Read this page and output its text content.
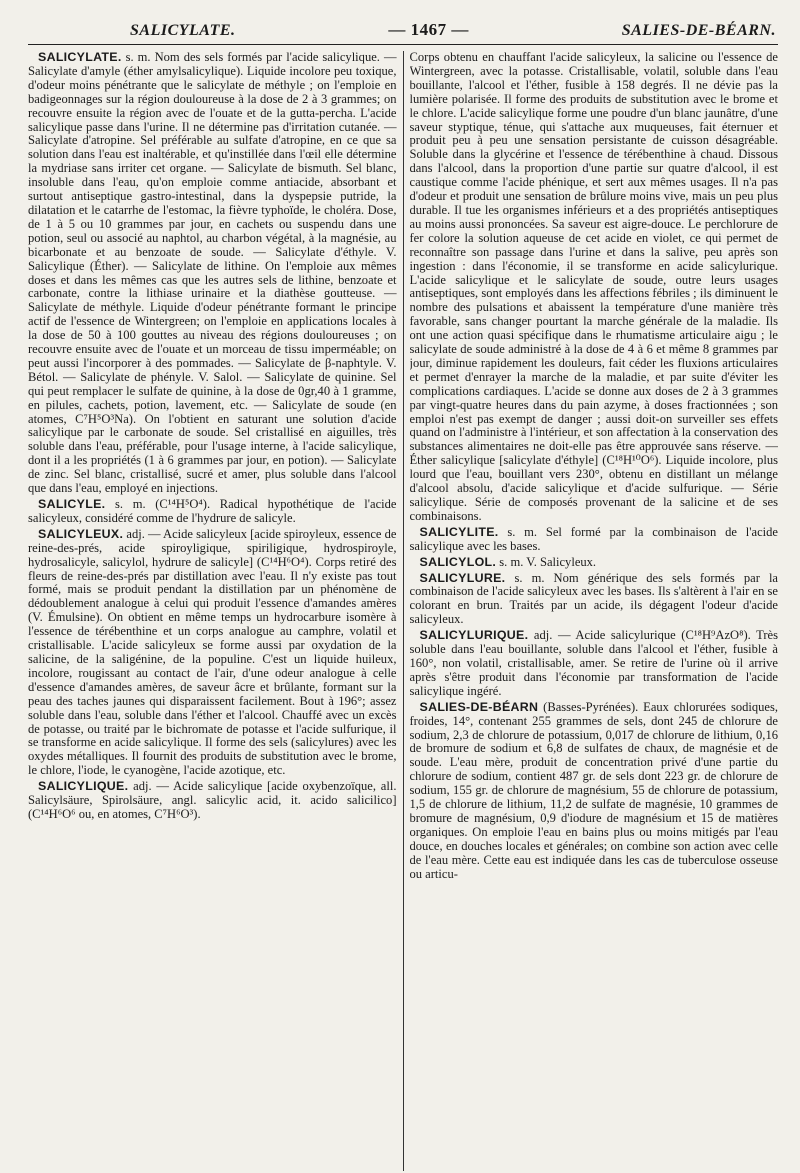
SALICYLATE.	— 1467 —	SALIES-DE-BÉARN.

SALICYLATE. s. m. Nom des sels formés par l'acide salicylique. — Salicylate d'amyle (éther amylsalicylique). Liquide incolore peu toxique, d'odeur moins pénétrante que le salicylate de méthyle ; on l'emploie en badigeonnages sur la région douloureuse à la dose de 2 à 3 grammes; on recouvre ensuite la région avec de l'ouate et de la gutta-percha. L'acide salicylique passe dans l'urine. Il ne détermine pas d'irritation cutanée. — Salicylate d'atropine. Sel préférable au sulfate d'atropine, en ce que sa solution dans l'eau est inaltérable, et qu'instillée dans l'œil elle détermine la mydriase sans irriter cet organe. — Salicylate de bismuth. Sel blanc, insoluble dans l'eau, qu'on emploie comme antiacide, absorbant et surtout antiseptique gastro-intestinal, dans la dyspepsie putride, la dilatation et le catarrhe de l'estomac, la fièvre typhoïde, le choléra. Dose, de 1 à 5 ou 10 grammes par jour, en cachets ou suspendu dans une potion, seul ou associé au naphtol, au charbon végétal, à la magnésie, au bicarbonate et au benzoate de soude. — Salicylate d'éthyle. V. Salicylique (Éther). — Salicylate de lithine. On l'emploie aux mêmes doses et dans les mêmes cas que les autres sels de lithine, benzoate et carbonate, contre la lithiase urinaire et la diathèse goutteuse. — Salicylate de méthyle. Liquide d'odeur pénétrante formant le principe actif de l'essence de Wintergreen; on l'emploie en applications locales à la dose de 50 à 100 gouttes au niveau des régions douloureuses ; on recouvre ensuite avec de l'ouate et un morceau de tissu imperméable; on peut aussi l'incorporer à des pommades. — Salicylate de β-naphtyle. V. Bétol. — Salicylate de phényle. V. Salol. — Salicylate de quinine. Sel qui peut remplacer le sulfate de quinine, à la dose de 0gr,40 à 1 gramme, en pilules, cachets, potion, lavement, etc. — Salicylate de soude (en atomes, C⁷H⁵O³Na). On l'obtient en saturant une solution d'acide salicylique par le carbonate de soude. Sel cristallisé en aiguilles, très soluble dans l'eau, préférable, pour l'usage interne, à l'acide salicylique, dont il a les propriétés (1 à 6 grammes par jour, en potion). — Salicylate de zinc. Sel blanc, cristallisé, sucré et amer, plus soluble dans l'alcool que dans l'eau, employé en injections.

SALICYLE. s. m. (C¹⁴H⁵O⁴). Radical hypothétique de l'acide salicyleux, considéré comme de l'hydrure de salicyle.

SALICYLEUX. adj. — Acide salicyleux [acide spiroyleux, essence de reine-des-prés, acide spiroyligique, spiriligique, hydrospiroyle, hydrosalicyle, salicylol, hydrure de salicyle] (C¹⁴H⁶O⁴). Corps retiré des fleurs de reine-des-prés par distillation avec l'eau. Il n'y existe pas tout formé, mais se produit pendant la distillation par un phénomène de dédoublement analogue à celui qui produit l'essence d'amandes amères (V. Émulsine). On obtient en même temps un hydrocarbure isomère à l'essence de térébenthine et un corps analogue au camphre, volatil et cristallisable. L'acide salicyleux se forme aussi par oxydation de la salicine, de la saligénine, de la populine. C'est un liquide huileux, incolore, rougissant au contact de l'air, d'une odeur analogue à celle d'essence d'amandes amères, de saveur âcre et brûlante, formant sur la peau des taches jaunes qui disparaissent facilement. Bout à 196°; assez soluble dans l'eau, soluble dans l'éther et l'alcool. Chauffé avec un excès de potasse, ou traité par le bichromate de potasse et l'acide sulfurique, il se transforme en acide salicylique. Il forme des sels (salicylures) avec les oxydes métalliques. Il fournit des produits de substitution avec le brome, le chlore, l'iode, le cyanogène, l'acide azotique, etc.

SALICYLIQUE. adj. — Acide salicylique [acide oxybenzoïque, all. Salicylsäure, Spirolsäure, angl. salicylic acid, it. acido salicilico] (C¹⁴H⁶O⁶ ou, en atomes, C⁷H⁶O³).

Corps obtenu en chauffant l'acide salicyleux, la salicine ou l'essence de Wintergreen, avec la potasse. Cristallisable, volatil, soluble dans l'eau bouillante, l'alcool et l'éther, fusible à 158 degrés. Il ne dévie pas la lumière polarisée. Il forme des produits de substitution avec le brome et le chlore. L'acide salicylique forme une poudre d'un blanc jaunâtre, d'une saveur styptique, ténue, qui s'attache aux muqueuses, fait éternuer et produit peu à peu une sensation persistante de cuisson désagréable. Soluble dans la glycérine et l'essence de térébenthine à chaud. Dissous dans l'alcool, dans la proportion d'une partie sur quatre d'alcool, il est caustique comme l'acide phénique, et sert aux mêmes usages. Il n'a pas d'odeur et produit une sensation de brûlure moins vive, mais un peu plus durable. Il tue les organismes inférieurs et a des propriétés antiseptiques au moins aussi prononcées. Sa saveur est aigre-douce. Le perchlorure de fer colore la solution aqueuse de cet acide en violet, ce qui permet de reconnaître son passage dans l'urine et dans la salive, peu après son ingestion : dans l'économie, il se transforme en acide salicylurique. L'acide salicylique et le salicylate de soude, outre leurs usages antiseptiques, sont employés dans les affections fébriles ; ils diminuent le nombre des pulsations et abaissent la température d'une manière très favorable, sans changer pourtant la marche générale de la maladie. Ils ont une action quasi spécifique dans le rhumatisme articulaire aigu ; le salicylate de soude administré à la dose de 4 à 6 et même 8 grammes par jour, diminue rapidement les douleurs, fait céder les fluxions articulaires et permet d'enrayer la marche de la maladie, et par suite d'éviter les complications cardiaques. L'acide se donne aux doses de 2 à 3 grammes par vingt-quatre heures dans du pain azyme, à doses fractionnées ; son emploi n'est pas exempt de danger ; aussi doit-on surveiller ses effets quand on l'administre à l'intérieur, et son affectation à la conservation des substances alimentaires ne doit-elle pas être approuvée sans réserve. — Éther salicylique [salicylate d'éthyle] (C¹⁸H¹⁰O⁶). Liquide incolore, plus lourd que l'eau, bouillant vers 230°, obtenu en distillant un mélange d'alcool absolu, d'acide salicylique et d'acide sulfurique. — Série salicylique. Série de composés provenant de la salicine et de ses combinaisons.

SALICYLITE. s. m. Sel formé par la combinaison de l'acide salicylique avec les bases.

SALICYLOL. s. m. V. Salicyleux.

SALICYLURE. s. m. Nom générique des sels formés par la combinaison de l'acide salicyleux avec les bases. Ils s'altèrent à l'air en se colorant en brun. Traités par un acide, ils dégagent l'odeur d'acide salicyleux.

SALICYLURIQUE. adj. — Acide salicylurique (C¹⁸H⁹AzO⁸). Très soluble dans l'eau bouillante, soluble dans l'alcool et l'éther, fusible à 160°, non volatil, cristallisable, amer. Se retire de l'urine où il arrive après s'être produit dans l'économie par transformation de l'acide salicylique ingéré.

SALIES-DE-BÉARN (Basses-Pyrénées). Eaux chlorurées sodiques, froides, 14°, contenant 255 grammes de sels, dont 245 de chlorure de sodium, 2,3 de chlorure de potassium, 0,017 de chlorure de lithium, 0,16 de bromure de sodium et 6,8 de sulfates de chaux, de magnésie et de soude. L'eau mère, produit de concentration privé d'une partie du chlorure de sodium, contient 487 gr. de sels dont 223 gr. de chlorure de sodium, 155 gr. de chlorure de magnésium, 55 de chlorure de potassium, 1,5 de chlorure de lithium, 11,2 de sulfate de magnésie, 10 grammes de bromure de magnésium, 0,9 d'iodure de magnésium et 15 de matières organiques. On emploie l'eau en bains plus ou moins mitigés par l'eau douce, en douches locales et générales; on combine son action avec celle de l'eau mère. Cette eau est indiquée dans les cas de tuberculose osseuse ou articu-
